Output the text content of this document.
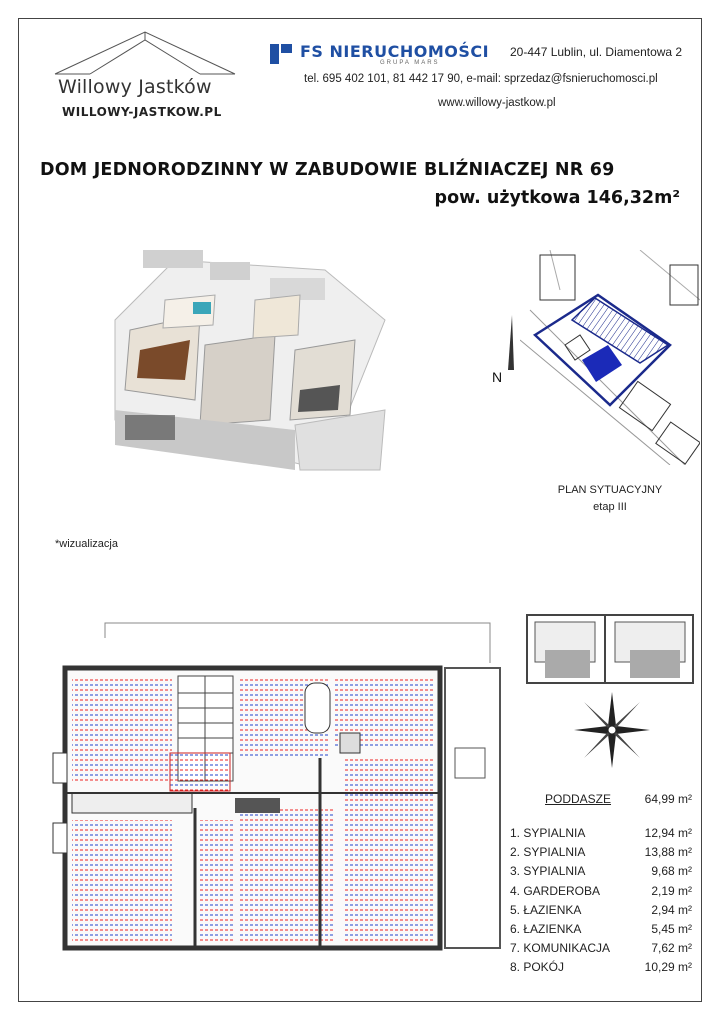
Willowy Jastków
WILLOWY-JASTKOW.PL
FS NIERUCHOMOŚCI
GRUPA MARS
20-447 Lublin, ul. Diamentowa 2
tel. 695 402 101, 81 442 17 90, e-mail: sprzedaz@fsnieruchomosci.pl
www.willowy-jastkow.pl
DOM JEDNORODZINNY W ZABUDOWIE BLIŹNIACZEJ NR 69
pow. użytkowa 146,32m²
*wizualizacja
N
PLAN SYTUACYJNY
etap III
PODDASZE	64,99 m²
1. SYPIALNIA	12,94 m²
2. SYPIALNIA	13,88 m²
3. SYPIALNIA	9,68 m²
4. GARDEROBA	2,19 m²
5. ŁAZIENKA	2,94 m²
6. ŁAZIENKA	5,45 m²
7. KOMUNIKACJA	7,62 m²
8. POKÓJ	10,29 m²
